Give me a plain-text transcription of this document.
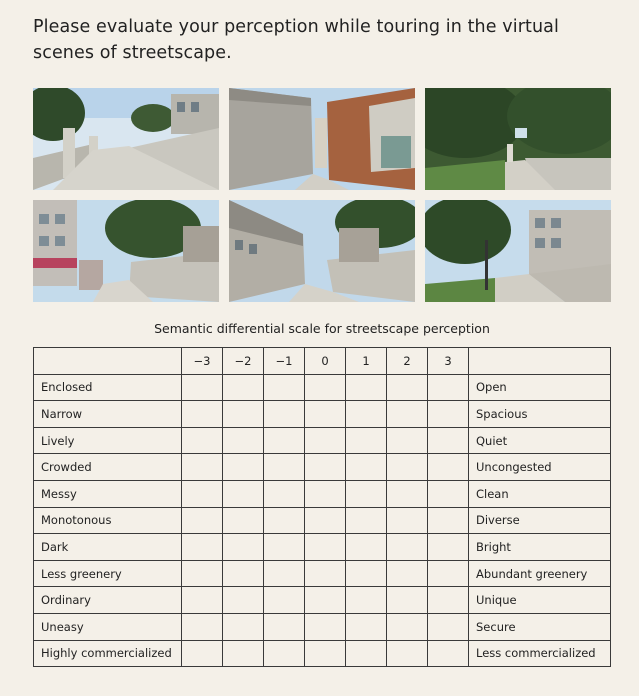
Please evaluate your perception while touring in the virtual scenes of streetscape.
Semantic differential scale for streetscape perception
	−3	−2	−1	0	1	2	3	
Enclosed								Open
Narrow								Spacious
Lively								Quiet
Crowded								Uncongested
Messy								Clean
Monotonous								Diverse
Dark								Bright
Less greenery								Abundant greenery
Ordinary								Unique
Uneasy								Secure
Highly commercialized								Less commercialized
